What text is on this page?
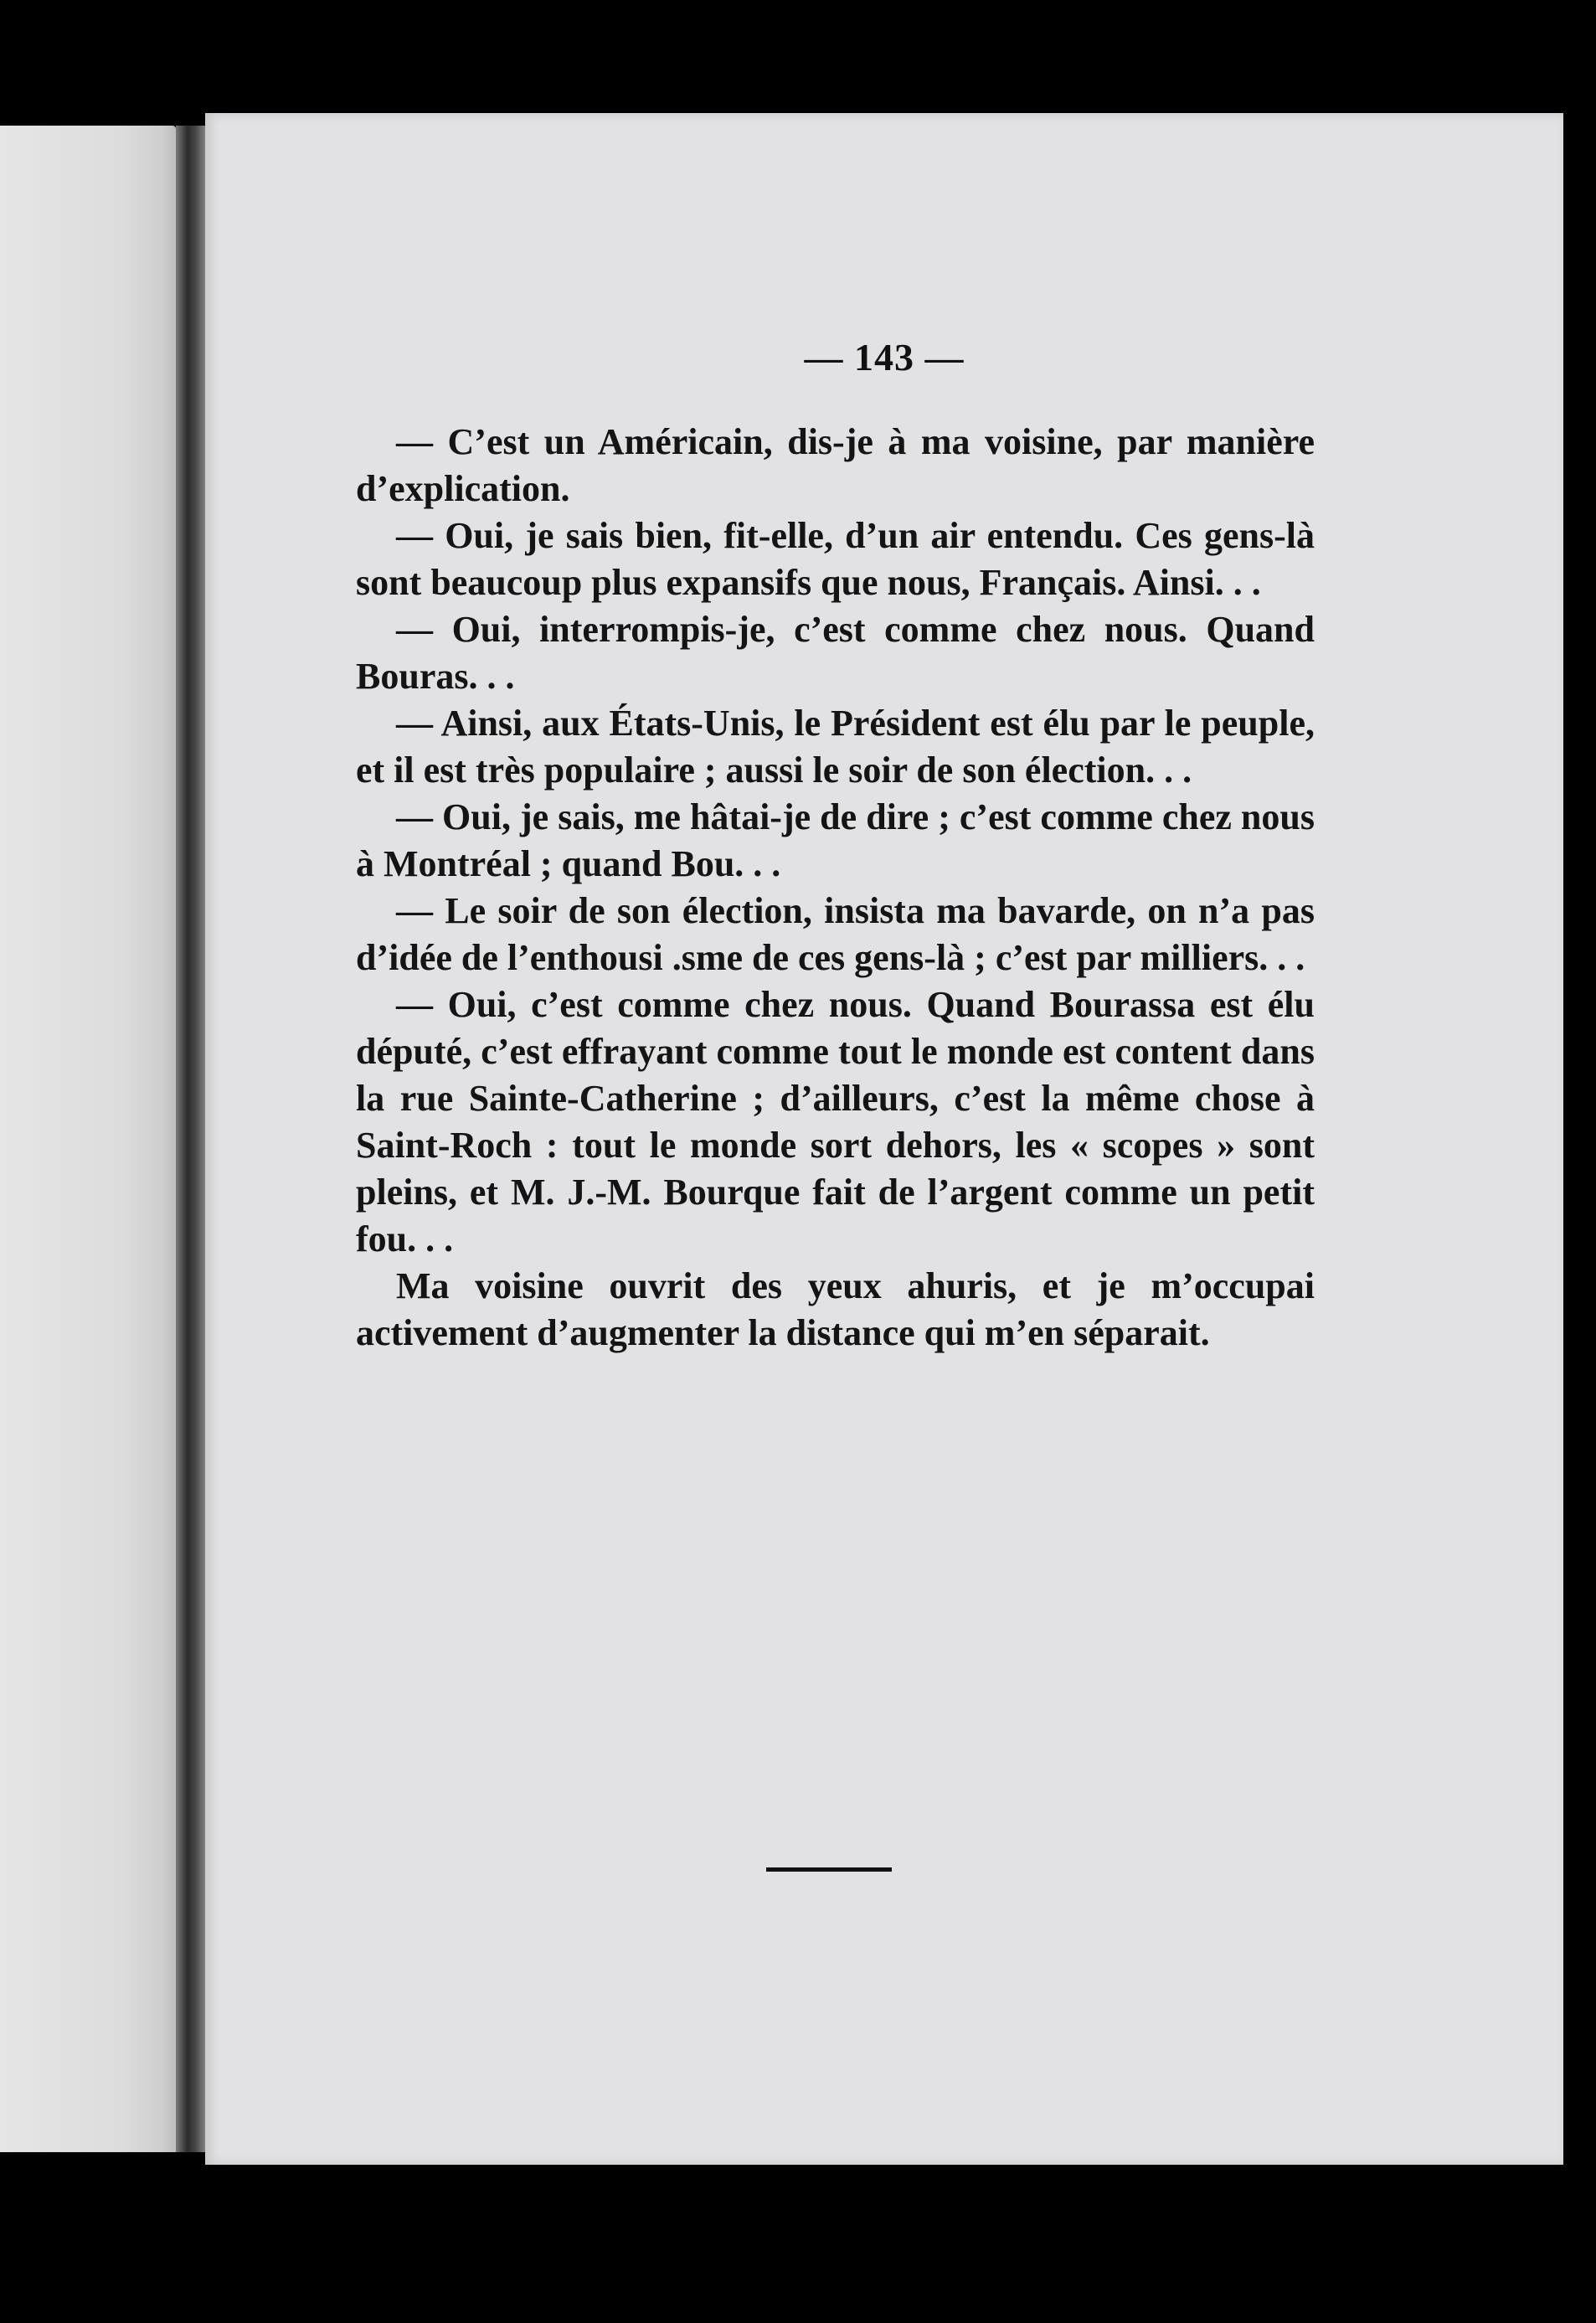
— 143 —

— C’est un Américain, dis-je à ma voisine, par manière d’explication.

— Oui, je sais bien, fit-elle, d’un air entendu. Ces gens-là sont beaucoup plus expansifs que nous, Français. Ainsi. . .

— Oui, interrompis-je, c’est comme chez nous. Quand Bouras. . .

— Ainsi, aux États-Unis, le Président est élu par le peuple, et il est très populaire ; aussi le soir de son élection. . .

— Oui, je sais, me hâtai-je de dire ; c’est comme chez nous à Montréal ; quand Bou. . .

— Le soir de son élection, insista ma bavarde, on n’a pas d’idée de l’enthousi .sme de ces gens-là ; c’est par milliers. . .

— Oui, c’est comme chez nous. Quand Bourassa est élu député, c’est effrayant comme tout le monde est content dans la rue Sainte-Catherine ; d’ailleurs, c’est la même chose à Saint-Roch : tout le monde sort dehors, les « scopes » sont pleins, et M. J.-M. Bourque fait de l’argent comme un petit fou. . .

Ma voisine ouvrit des yeux ahuris, et je m’occupai activement d’augmenter la distance qui m’en séparait.
